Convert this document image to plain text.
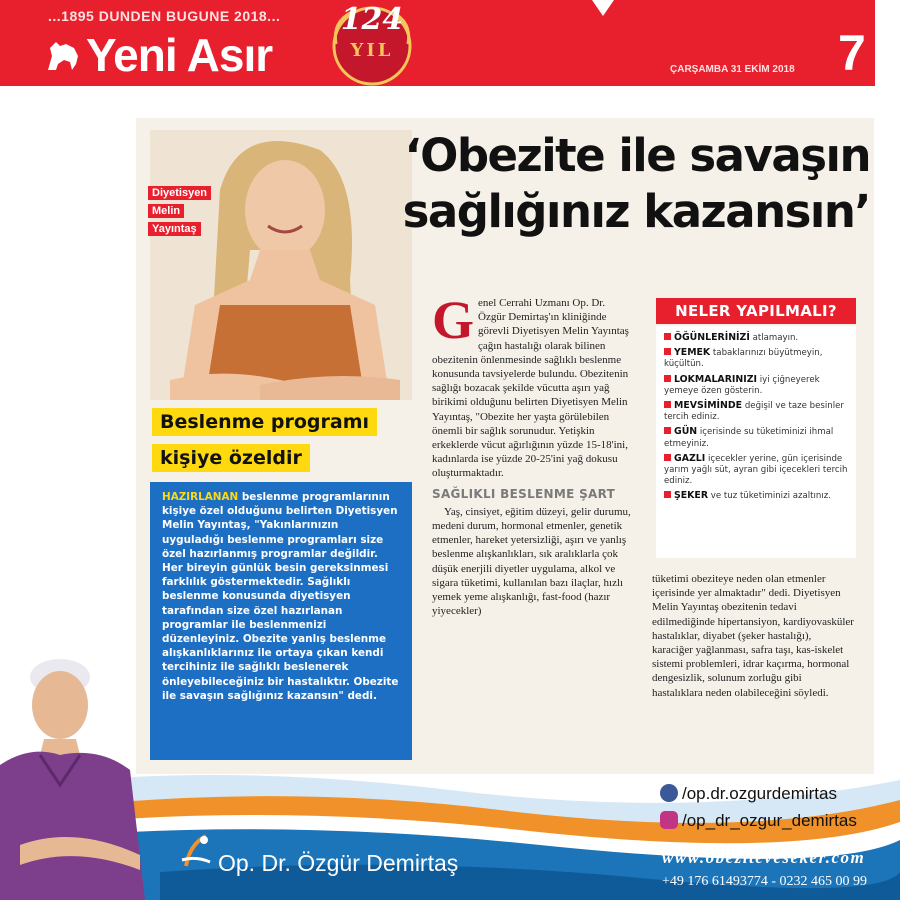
...1895 DUNDEN BUGUNE 2018...
Yeni Asır
124
YIL
ÇARŞAMBA 31 EKİM 2018 7
Diyetisyen
Melin
Yayıntaş
‘Obezite ile savaşın
sağlığınız kazansın’
Beslenme programı
kişiye özeldir
HAZIRLANAN beslenme programlarının kişiye özel olduğunu belirten Diyetisyen Melin Yayıntaş, "Yakınlarınızın uyguladığı beslenme programları size özel hazırlanmış programlar değildir. Her bireyin günlük besin gereksinmesi farklılık göstermektedir. Sağlıklı beslenme konusunda diyetisyen tarafından size özel hazırlanan programlar ile beslenmenizi düzenleyiniz. Obezite yanlış beslenme alışkanlıklarınız ile ortaya çıkan kendi tercihiniz ile sağlıklı beslenerek önleyebileceğiniz bir hastalıktır. Obezite ile savaşın sağlığınız kazansın" dedi.
Genel Cerrahi Uzmanı Op. Dr. Özgür Demirtaş'ın kliniğinde görevli Diyetisyen Melin Yayıntaş çağın hastalığı olarak bilinen obezitenin önlenmesinde sağlıklı beslenme konusunda tavsiyelerde bulundu. Obezitenin sağlığı bozacak şekilde vücutta aşırı yağ birikimi olduğunu belirten Diyetisyen Melin Yayıntaş, "Obezite her yaşta görülebilen önemli bir sağlık sorunudur. Yetişkin erkeklerde vücut ağırlığının yüzde 15-18'ini, kadınlarda ise yüzde 20-25'ini yağ dokusu oluşturmaktadır.
SAĞLIKLI BESLENME ŞART
Yaş, cinsiyet, eğitim düzeyi, gelir durumu, medeni durum, hormonal etmenler, genetik etmenler, hareket yetersizliği, aşırı ve yanlış beslenme alışkanlıkları, sık aralıklarla çok düşük enerjili diyetler uygulama, alkol ve sigara tüketimi, kullanılan bazı ilaçlar, hızlı yemek yeme alışkanlığı, fast-food (hazır yiyecekler)
NELER YAPILMALI?
ÖĞÜNLERİNİZİ atlamayın.
YEMEK tabaklarınızı büyütmeyin, küçültün.
LOKMALARINIZI iyi çiğneyerek yemeye özen gösterin.
MEVSİMİNDE değişil ve taze besinler tercih ediniz.
GÜN içerisinde su tüketiminizi ihmal etmeyiniz.
GAZLI içecekler yerine, gün içerisinde yarım yağlı süt, ayran gibi içecekleri tercih ediniz.
ŞEKER ve tuz tüketiminizi azaltınız.
tüketimi obeziteye neden olan etmenler içerisinde yer almaktadır" dedi. Diyetisyen Melin Yayıntaş obezitenin tedavi edilmediğinde hipertansiyon, kardiyovasküler hastalıklar, diyabet (şeker hastalığı), karaciğer yağlanması, safra taşı, kas-iskelet sistemi problemleri, idrar kaçırma, hormonal dengesizlik, solunum zorluğu gibi hastalıklara neden olabileceğini söyledi.
Op. Dr. Özgür Demirtaş
/op.dr.ozgurdemirtas
/op_dr_ozgur_demirtas
www.obeziteveseker.com
+49 176 61493774 - 0232 465 00 99
